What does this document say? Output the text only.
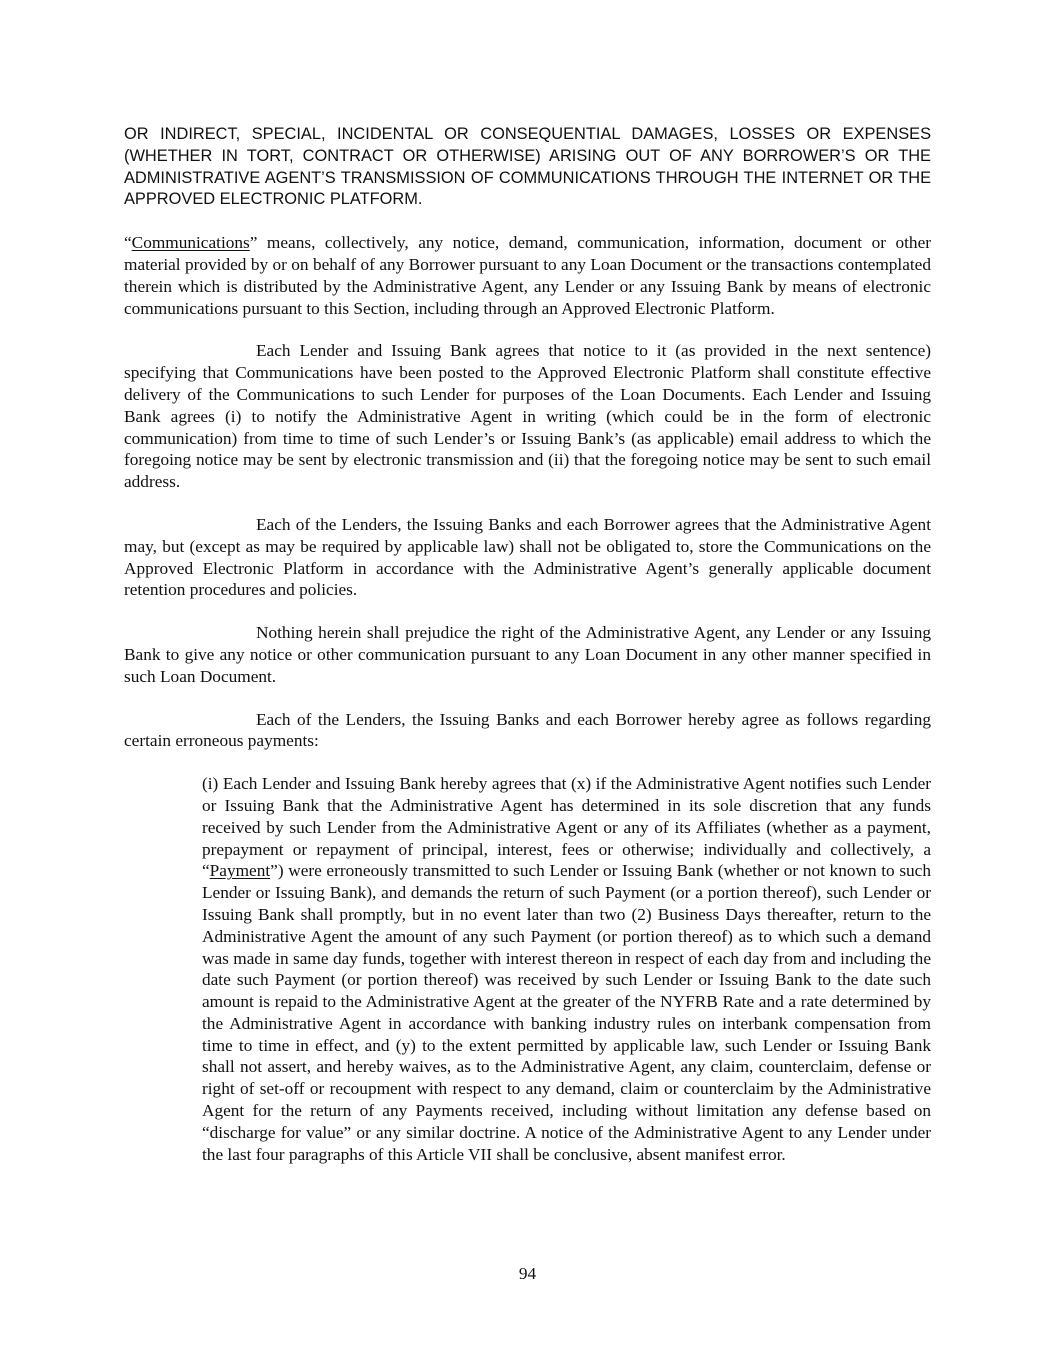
OR INDIRECT, SPECIAL, INCIDENTAL OR CONSEQUENTIAL DAMAGES, LOSSES OR EXPENSES (WHETHER IN TORT, CONTRACT OR OTHERWISE) ARISING OUT OF ANY BORROWER’S OR THE ADMINISTRATIVE AGENT’S TRANSMISSION OF COMMUNICATIONS THROUGH THE INTERNET OR THE APPROVED ELECTRONIC PLATFORM.

“Communications” means, collectively, any notice, demand, communication, information, document or other material provided by or on behalf of any Borrower pursuant to any Loan Document or the transactions contemplated therein which is distributed by the Administrative Agent, any Lender or any Issuing Bank by means of electronic communications pursuant to this Section, including through an Approved Electronic Platform.

Each Lender and Issuing Bank agrees that notice to it (as provided in the next sentence) specifying that Communications have been posted to the Approved Electronic Platform shall constitute effective delivery of the Communications to such Lender for purposes of the Loan Documents. Each Lender and Issuing Bank agrees (i) to notify the Administrative Agent in writing (which could be in the form of electronic communication) from time to time of such Lender’s or Issuing Bank’s (as applicable) email address to which the foregoing notice may be sent by electronic transmission and (ii) that the foregoing notice may be sent to such email address.

Each of the Lenders, the Issuing Banks and each Borrower agrees that the Administrative Agent may, but (except as may be required by applicable law) shall not be obligated to, store the Communications on the Approved Electronic Platform in accordance with the Administrative Agent’s generally applicable document retention procedures and policies.

Nothing herein shall prejudice the right of the Administrative Agent, any Lender or any Issuing Bank to give any notice or other communication pursuant to any Loan Document in any other manner specified in such Loan Document.

Each of the Lenders, the Issuing Banks and each Borrower hereby agree as follows regarding certain erroneous payments:

(i) Each Lender and Issuing Bank hereby agrees that (x) if the Administrative Agent notifies such Lender or Issuing Bank that the Administrative Agent has determined in its sole discretion that any funds received by such Lender from the Administrative Agent or any of its Affiliates (whether as a payment, prepayment or repayment of principal, interest, fees or otherwise; individually and collectively, a “Payment”) were erroneously transmitted to such Lender or Issuing Bank (whether or not known to such Lender or Issuing Bank), and demands the return of such Payment (or a portion thereof), such Lender or Issuing Bank shall promptly, but in no event later than two (2) Business Days thereafter, return to the Administrative Agent the amount of any such Payment (or portion thereof) as to which such a demand was made in same day funds, together with interest thereon in respect of each day from and including the date such Payment (or portion thereof) was received by such Lender or Issuing Bank to the date such amount is repaid to the Administrative Agent at the greater of the NYFRB Rate and a rate determined by the Administrative Agent in accordance with banking industry rules on interbank compensation from time to time in effect, and (y) to the extent permitted by applicable law, such Lender or Issuing Bank shall not assert, and hereby waives, as to the Administrative Agent, any claim, counterclaim, defense or right of set-off or recoupment with respect to any demand, claim or counterclaim by the Administrative Agent for the return of any Payments received, including without limitation any defense based on “discharge for value” or any similar doctrine. A notice of the Administrative Agent to any Lender under the last four paragraphs of this Article VII shall be conclusive, absent manifest error.

94
